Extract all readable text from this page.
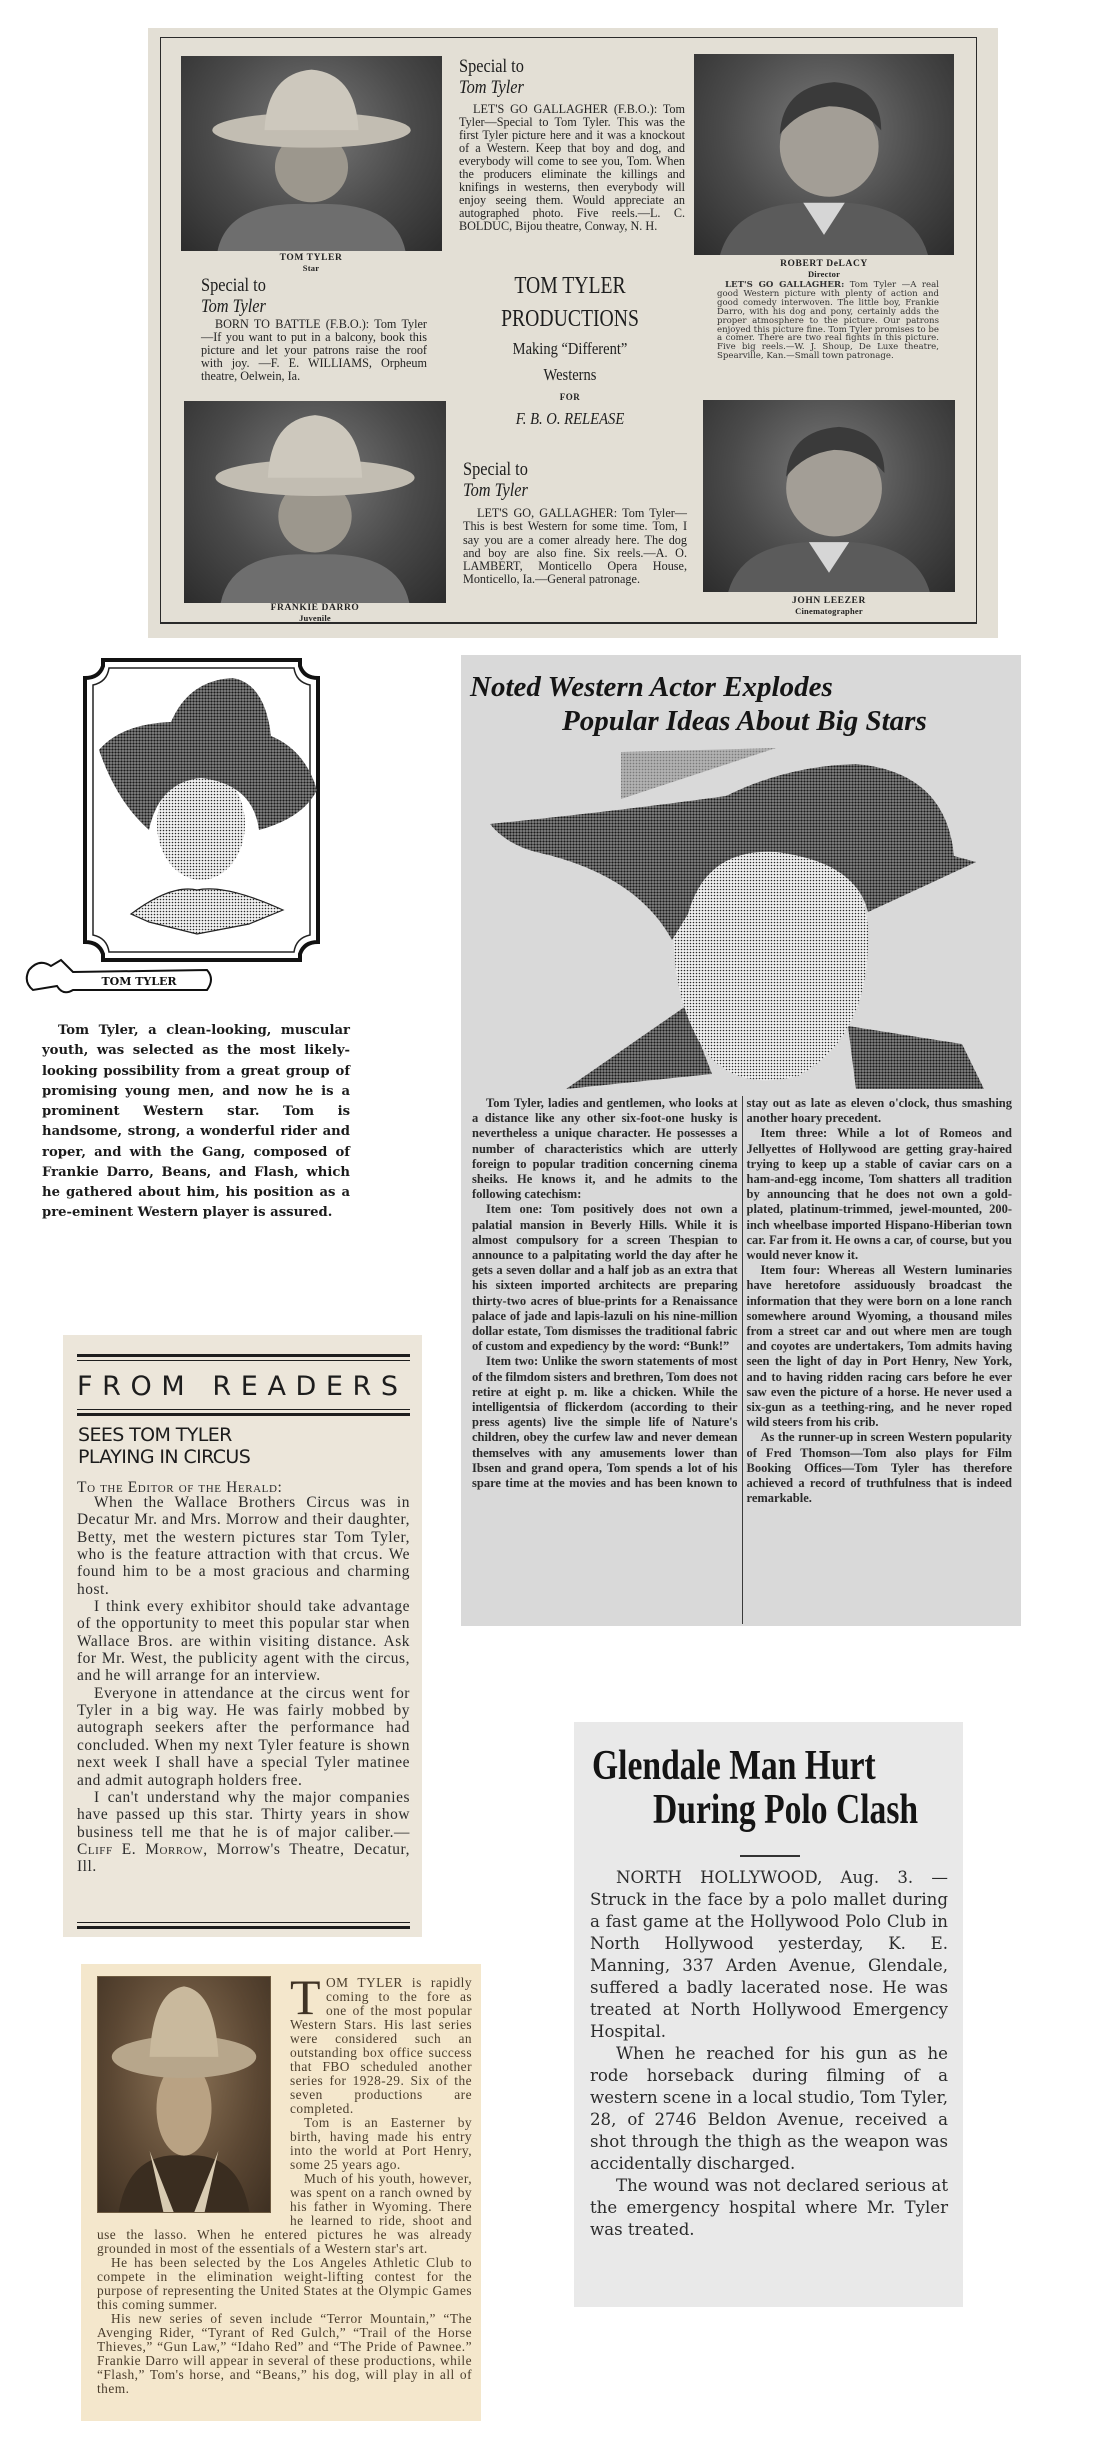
TOM TYLER
Star
Special to
Tom Tyler

LET'S GO GALLAGHER (F.B.O.): Tom Tyler—Special to Tom Tyler. This was the first Tyler picture here and it was a knockout of a Western. Keep that boy and dog, and everybody will come to see you, Tom. When the producers eliminate the killings and knifings in westerns, then everybody will enjoy seeing them. Would appreciate an autographed photo. Five reels.—L. C. BOLDUC, Bijou theatre, Conway, N. H.

ROBERT DeLACY
Director

LET'S GO GALLAGHER: Tom Tyler —A real good Western picture with plenty of action and good comedy interwoven. The little boy, Frankie Darro, with his dog and pony, certainly adds the proper atmosphere to the picture. Our patrons enjoyed this picture fine. Tom Tyler promises to be a comer. There are two real fights in this picture. Five big reels.—W. J. Shoup, De Luxe theatre, Spearville, Kan.—Small town patronage.

Special to
Tom Tyler

BORN TO BATTLE (F.B.O.): Tom Tyler—If you want to put in a balcony, book this picture and let your patrons raise the roof with joy. —F. E. WILLIAMS, Orpheum theatre, Oelwein, Ia.

TOM TYLER
PRODUCTIONS
Making “Different”
Westerns
FOR
F. B. O. RELEASE
FRANKIE DARRO
Juvenile
Special to
Tom Tyler

LET'S GO, GALLAGHER: Tom Tyler—This is best Western for some time. Tom, I say you are a comer already here. The dog and boy are also fine. Six reels.—A. O. LAMBERT, Monticello Opera House, Monticello, Ia.—General patronage.

JOHN LEEZER
Cinematographer
TOM TYLER

Tom Tyler, a clean-looking, muscular youth, was selected as the most likely-looking possibility from a great group of promising young men, and now he is a prominent Western star. Tom is handsome, strong, a wonderful rider and roper, and with the Gang, composed of Frankie Darro, Beans, and Flash, which he gathered about him, his position as a pre-eminent Western player is assured.

Noted Western Actor Explodes
Popular Ideas About Big Stars

Tom Tyler, ladies and gentlemen, who looks at a distance like any other six-foot-one husky is nevertheless a unique character. He possesses a number of characteristics which are utterly foreign to popular tradition concerning cinema sheiks. He knows it, and he admits to the following catechism:

Item one: Tom positively does not own a palatial mansion in Beverly Hills. While it is almost compulsory for a screen Thespian to announce to a palpitating world the day after he gets a seven dollar and a half job as an extra that his sixteen imported architects are preparing thirty-two acres of blue-prints for a Renaissance palace of jade and lapis-lazuli on his nine-million dollar estate, Tom dismisses the traditional fabric of custom and expediency by the word: “Bunk!”

Item two: Unlike the sworn statements of most of the filmdom sisters and brethren, Tom does not retire at eight p. m. like a chicken. While the intelligentsia of flickerdom (according to their press agents) live the simple life of Nature's children, obey the curfew law and never demean themselves with any amusements lower than Ibsen and grand opera, Tom spends a lot of his spare time at the movies and has been known to stay out as late as eleven o'clock, thus smashing another hoary precedent.

Item three: While a lot of Romeos and Jellyettes of Hollywood are getting gray-haired trying to keep up a stable of caviar cars on a ham-and-egg income, Tom shatters all tradition by announcing that he does not own a gold-plated, platinum-trimmed, jewel-mounted, 200-inch wheelbase imported Hispano-Hiberian town car. Far from it. He owns a car, of course, but you would never know it.

Item four: Whereas all Western luminaries have heretofore assiduously broadcast the information that they were born on a lone ranch somewhere around Wyoming, a thousand miles from a street car and out where men are tough and coyotes are undertakers, Tom admits having seen the light of day in Port Henry, New York, and to having ridden racing cars before he ever saw even the picture of a horse. He never used a six-gun as a teething-ring, and he never roped wild steers from his crib.

As the runner-up in screen Western popularity of Fred Thomson—Tom also plays for Film Booking Offices—Tom Tyler has therefore achieved a record of truthfulness that is indeed remarkable.

FROM READERS
SEES TOM TYLER
PLAYING IN CIRCUS
To the Editor of the Herald:

When the Wallace Brothers Circus was in Decatur Mr. and Mrs. Morrow and their daughter, Betty, met the western pictures star Tom Tyler, who is the feature attraction with that crcus. We found him to be a most gracious and charming host.

I think every exhibitor should take advantage of the opportunity to meet this popular star when Wallace Bros. are within visiting distance. Ask for Mr. West, the publicity agent with the circus, and he will arrange for an interview.

Everyone in attendance at the circus went for Tyler in a big way. He was fairly mobbed by autograph seekers after the performance had concluded. When my next Tyler feature is shown next week I shall have a special Tyler matinee and admit autograph holders free.

I can't understand why the major companies have passed up this star. Thirty years in show business tell me that he is of major caliber.—Cliff E. Morrow, Morrow's Theatre, Decatur, Ill.

Glendale Man Hurt
During Polo Clash

NORTH HOLLYWOOD, Aug. 3. —Struck in the face by a polo mallet during a fast game at the Hollywood Polo Club in North Hollywood yesterday, K. E. Manning, 337 Arden Avenue, Glendale, suffered a badly lacerated nose. He was treated at North Hollywood Emergency Hospital.

When he reached for his gun as he rode horseback during filming of a western scene in a local studio, Tom Tyler, 28, of 2746 Beldon Avenue, received a shot through the thigh as the weapon was accidentally discharged.

The wound was not declared serious at the emergency hospital where Mr. Tyler was treated.

TOM TYLER is rapidly coming to the fore as one of the most popular Western Stars. His last series were considered such an outstanding box office success that FBO scheduled another series for 1928-29. Six of the seven productions are completed.

Tom is an Easterner by birth, having made his entry into the world at Port Henry, some 25 years ago.

Much of his youth, however, was spent on a ranch owned by his father in Wyoming. There he learned to ride, shoot and use the lasso. When he entered pictures he was already grounded in most of the essentials of a Western star's art.

He has been selected by the Los Angeles Athletic Club to compete in the elimination weight-lifting contest for the purpose of representing the United States at the Olympic Games this coming summer.

His new series of seven include “Terror Mountain,” “The Avenging Rider, “Tyrant of Red Gulch,” “Trail of the Horse Thieves,” “Gun Law,” “Idaho Red” and “The Pride of Pawnee.” Frankie Darro will appear in several of these productions, while “Flash,” Tom's horse, and “Beans,” his dog, will play in all of them.
